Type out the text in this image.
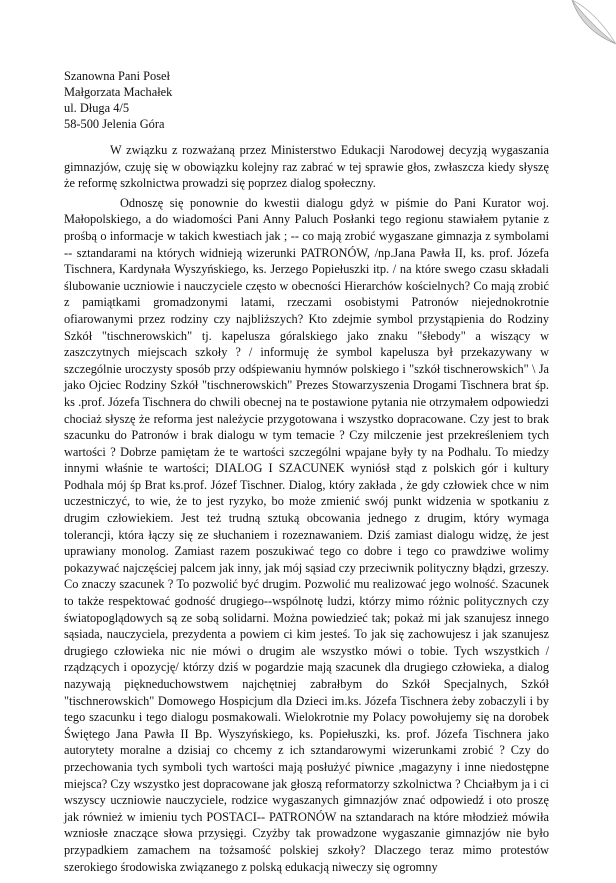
Szanowna Pani Poseł
Małgorzata Machałek
ul. Długa 4/5
58-500 Jelenia Góra

W związku z rozważaną przez Ministerstwo Edukacji Narodowej decyzją wygaszania gimnazjów, czuję się w obowiązku kolejny raz zabrać w tej sprawie głos, zwłaszcza kiedy słyszę że reformę szkolnictwa prowadzi się poprzez dialog społeczny.

Odnoszę się ponownie do kwestii dialogu gdyż w piśmie do Pani Kurator woj. Małopolskiego, a do wiadomości Pani Anny Paluch Posłanki tego regionu stawiałem pytanie z prośbą o informacje w takich kwestiach jak ; -- co mają zrobić wygaszane gimnazja z symbolami -- sztandarami na których widnieją wizerunki PATRONÓW, /np.Jana Pawła II, ks. prof. Józefa Tischnera, Kardynała Wyszyńskiego, ks. Jerzego Popiełuszki itp. / na które swego czasu składali ślubowanie uczniowie i nauczyciele często w obecności Hierarchów kościelnych? Co mają zrobić z pamiątkami gromadzonymi latami, rzeczami osobistymi Patronów niejednokrotnie ofiarowanymi przez rodziny czy najbliższych? Kto zdejmie symbol przystąpienia do Rodziny Szkół "tischnerowskich" tj. kapelusza góralskiego jako znaku "śłebody" a wiszący w zaszczytnych miejscach szkoły ? / informuję że symbol kapelusza był przekazywany w szczególnie uroczysty sposób przy odśpiewaniu hymnów polskiego i "szkół tischnerowskich" \ Ja jako Ojciec Rodziny Szkół "tischnerowskich" Prezes Stowarzyszenia Drogami Tischnera brat śp. ks .prof. Józefa Tischnera do chwili obecnej na te postawione pytania nie otrzymałem odpowiedzi chociaż słyszę że reforma jest należycie przygotowana i wszystko dopracowane. Czy jest to brak szacunku do Patronów i brak dialogu w tym temacie ? Czy milczenie jest przekreśleniem tych wartości ? Dobrze pamiętam że te wartości szczególni wpajane były ty na Podhalu. To miedzy innymi właśnie te wartości; DIALOG I SZACUNEK wyniósł stąd z polskich gór i kultury Podhala mój śp Brat ks.prof. Józef Tischner. Dialog, który zakłada , że gdy człowiek chce w nim uczestniczyć, to wie, że to jest ryzyko, bo może zmienić swój punkt widzenia w spotkaniu z drugim człowiekiem. Jest też trudną sztuką obcowania jednego z drugim, który wymaga tolerancji, która łączy się ze słuchaniem i rozeznawaniem. Dziś zamiast dialogu widzę, że jest uprawiany monolog. Zamiast razem poszukiwać tego co dobre i tego co prawdziwe wolimy pokazywać najczęściej palcem jak inny, jak mój sąsiad czy przeciwnik polityczny błądzi, grzeszy. Co znaczy szacunek ? To pozwolić być drugim. Pozwolić mu realizować jego wolność. Szacunek to także respektować godność drugiego--wspólnotę ludzi, którzy mimo różnic politycznych czy światopoglądowych są ze sobą solidarni. Można powiedzieć tak; pokaż mi jak szanujesz innego sąsiada, nauczyciela, prezydenta a powiem ci kim jesteś. To jak się zachowujesz i jak szanujesz drugiego człowieka nic nie mówi o drugim ale wszystko mówi o tobie. Tych wszystkich / rządzących i opozycję/ którzy dziś w pogardzie mają szacunek dla drugiego człowieka, a dialog nazywają piękneduchowstwem najchętniej zabrałbym do Szkół Specjalnych, Szkół "tischnerowskich" Domowego Hospicjum dla Dzieci im.ks. Józefa Tischnera żeby zobaczyli i by tego szacunku i tego dialogu posmakowali. Wielokrotnie my Polacy powołujemy się na dorobek Świętego Jana Pawła II Bp. Wyszyńskiego, ks. Popiełuszki, ks. prof. Józefa Tischnera jako autorytety moralne a dzisiaj co chcemy z ich sztandarowymi wizerunkami zrobić ? Czy do przechowania tych symboli tych wartości mają posłużyć piwnice ,magazyny i inne niedostępne miejsca? Czy wszystko jest dopracowane jak głoszą reformatorzy szkolnictwa ? Chciałbym ja i ci wszyscy uczniowie nauczyciele, rodzice wygaszanych gimnazjów znać odpowiedź i oto proszę jak również w imieniu tych POSTACI-- PATRONÓW na sztandarach na które młodzież mówiła wzniosłe znaczące słowa przysięgi. Czyżby tak prowadzone wygaszanie gimnazjów nie było przypadkiem zamachem na tożsamość polskiej szkoły? Dlaczego teraz mimo protestów szerokiego środowiska związanego z polską edukacją niweczy się ogromny
